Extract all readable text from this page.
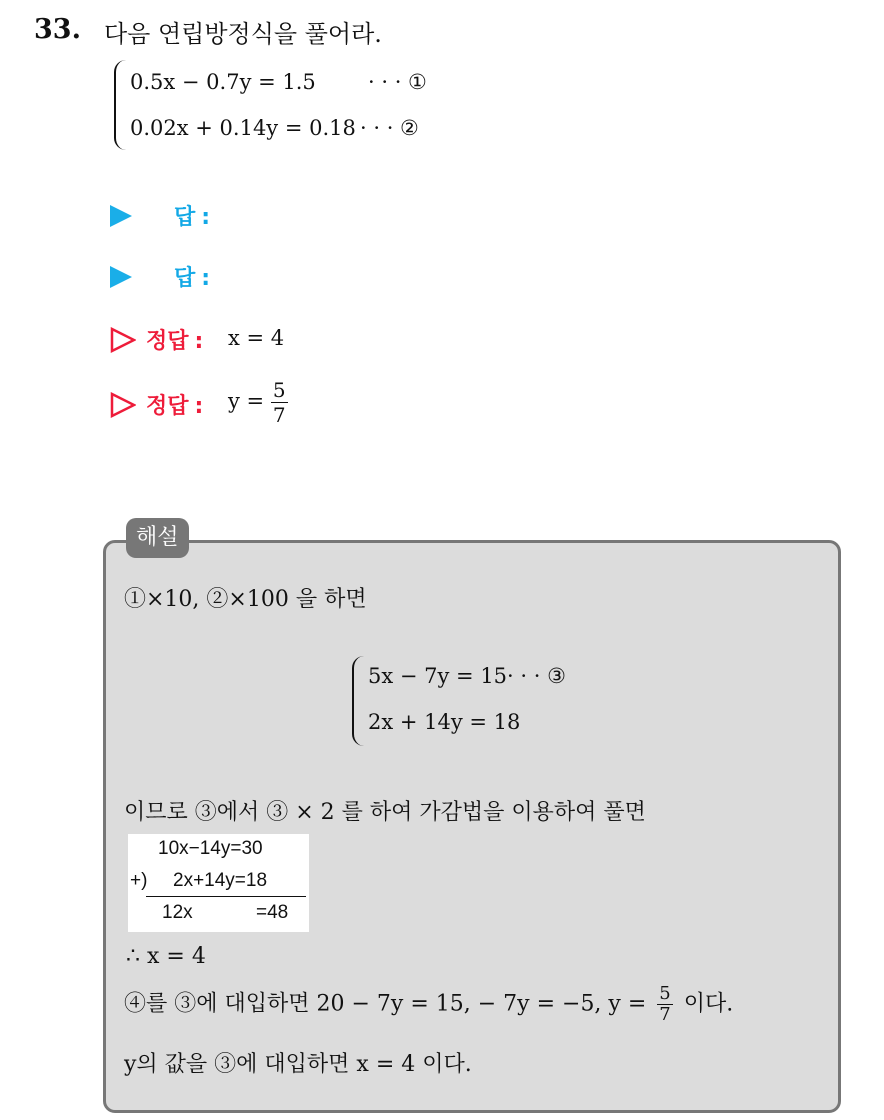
33. 다음 연립방정식을 풀어라.
0.5x − 0.7y = 1.5 · · · ①
0.02x + 0.14y = 0.18 · · · ②
답 :
답 :
정답 : x = 4
정답 : $y = \frac{5}{7}$
해설
①×10, ②×100 을 하면
5x − 7y = 15· · · ③
2x + 14y = 18
이므로 ③에서 ③ × 2 를 하여 가감법을 이용하여 풀면
10x−14y=30
+) 2x+14y=18
12x	=48
∴ x = 4
④를 ③에 대입하면 20 − 7y = 15, − 7y = −5, $y = \frac{5}{7}$ 이다.
y의 값을 ③에 대입하면 x = 4 이다.
